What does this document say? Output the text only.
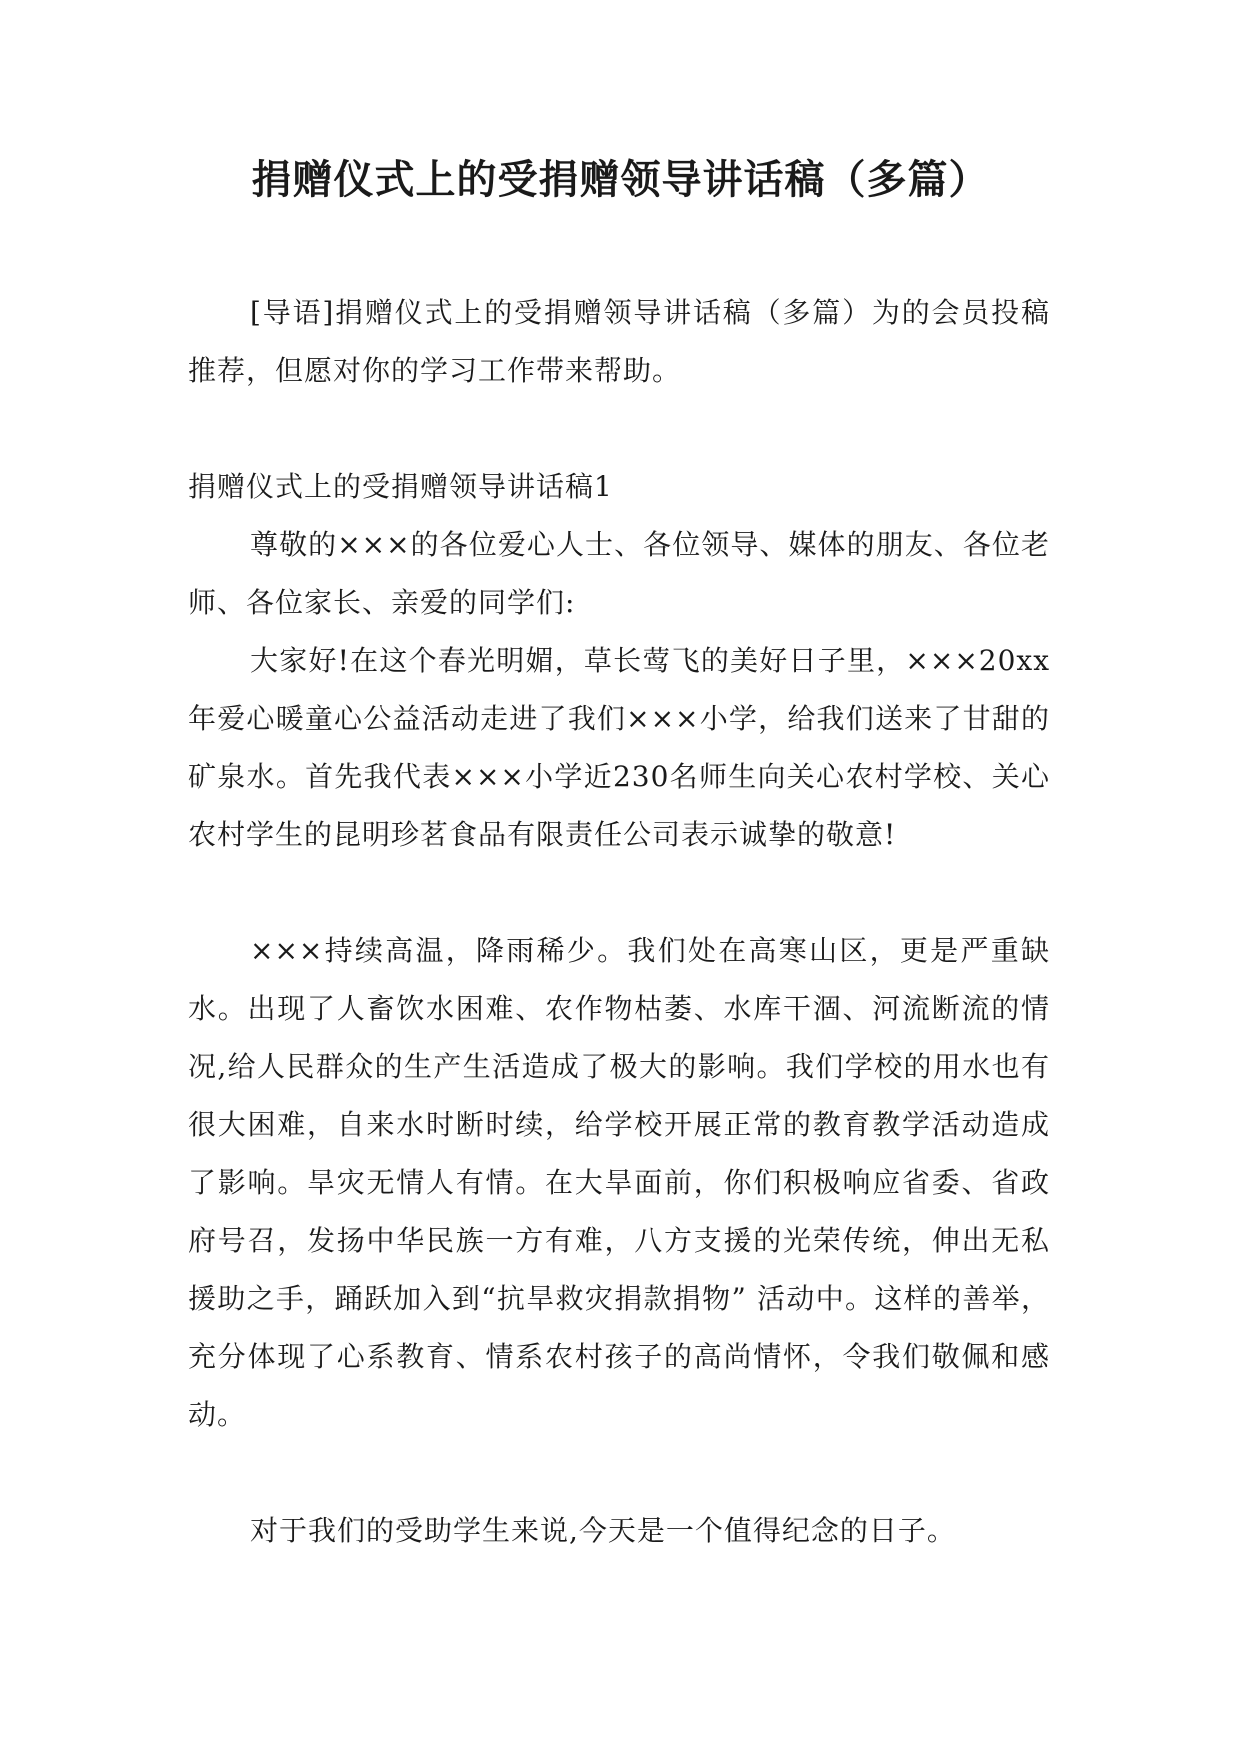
捐赠仪式上的受捐赠领导讲话稿（多篇）

[导语]捐赠仪式上的受捐赠领导讲话稿（多篇）为的会员投稿推荐，但愿对你的学习工作带来帮助。

捐赠仪式上的受捐赠领导讲话稿1

尊敬的×××的各位爱心人士、各位领导、媒体的朋友、各位老师、各位家长、亲爱的同学们:

大家好!在这个春光明媚，草长莺飞的美好日子里，×××20xx年爱心暖童心公益活动走进了我们×××小学，给我们送来了甘甜的矿泉水。首先我代表×××小学近230名师生向关心农村学校、关心农村学生的昆明珍茗食品有限责任公司表示诚挚的敬意!

×××持续高温，降雨稀少。我们处在高寒山区，更是严重缺水。出现了人畜饮水困难、农作物枯萎、水库干涸、河流断流的情况,给人民群众的生产生活造成了极大的影响。我们学校的用水也有很大困难，自来水时断时续，给学校开展正常的教育教学活动造成了影响。旱灾无情人有情。在大旱面前，你们积极响应省委、省政府号召，发扬中华民族一方有难，八方支援的光荣传统，伸出无私援助之手，踊跃加入到“抗旱救灾捐款捐物” 活动中。这样的善举，充分体现了心系教育、情系农村孩子的高尚情怀，令我们敬佩和感动。

对于我们的受助学生来说,今天是一个值得纪念的日子。
